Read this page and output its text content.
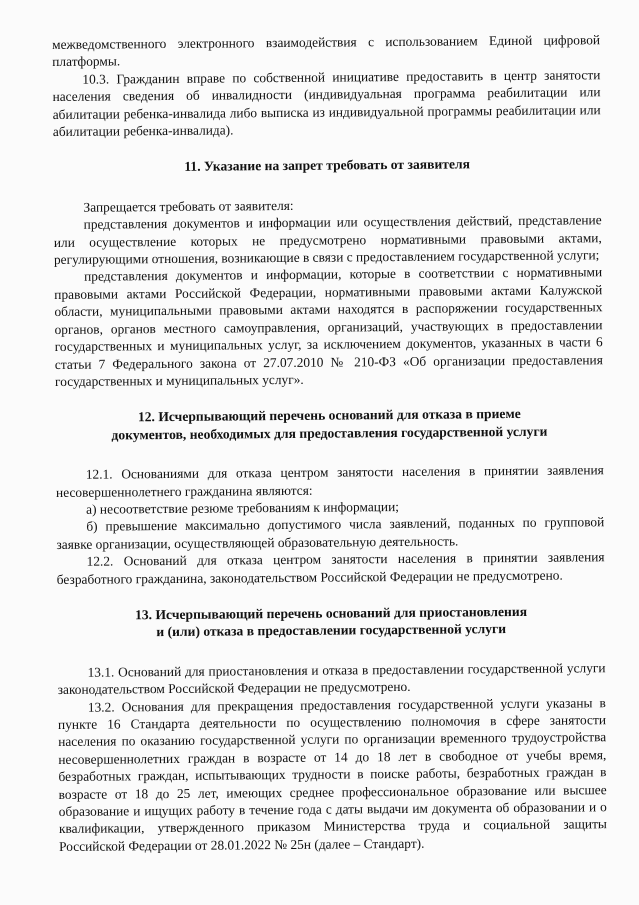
межведомственного электронного взаимодействия с использованием Единой цифровой платформы.

10.3. Гражданин вправе по собственной инициативе предоставить в центр занятости населения сведения об инвалидности (индивидуальная программа реабилитации или абилитации ребенка-инвалида либо выписка из индивидуальной программы реабилитации или абилитации ребенка-инвалида).

11. Указание на запрет требовать от заявителя

Запрещается требовать от заявителя:

представления документов и информации или осуществления действий, представление или осуществление которых не предусмотрено нормативными правовыми актами, регулирующими отношения, возникающие в связи с предоставлением государственной услуги;

представления документов и информации, которые в соответствии с нормативными правовыми актами Российской Федерации, нормативными правовыми актами Калужской области, муниципальными правовыми актами находятся в распоряжении государственных органов, органов местного самоуправления, организаций, участвующих в предоставлении государственных и муниципальных услуг, за исключением документов, указанных в части 6 статьи 7 Федерального закона от 27.07.2010 № 210-ФЗ «Об организации предоставления государственных и муниципальных услуг».

12. Исчерпывающий перечень оснований для отказа в приеме
документов, необходимых для предоставления государственной услуги

12.1. Основаниями для отказа центром занятости населения в принятии заявления несовершеннолетнего гражданина являются:

а) несоответствие резюме требованиям к информации;

б) превышение максимально допустимого числа заявлений, поданных по групповой заявке организации, осуществляющей образовательную деятельность.

12.2. Оснований для отказа центром занятости населения в принятии заявления безработного гражданина, законодательством Российской Федерации не предусмотрено.

13. Исчерпывающий перечень оснований для приостановления
и (или) отказа в предоставлении государственной услуги

13.1. Оснований для приостановления и отказа в предоставлении государственной услуги законодательством Российской Федерации не предусмотрено.

13.2. Основания для прекращения предоставления государственной услуги указаны в пункте 16 Стандарта деятельности по осуществлению полномочия в сфере занятости населения по оказанию государственной услуги по организации временного трудоустройства несовершеннолетних граждан в возрасте от 14 до 18 лет в свободное от учебы время, безработных граждан, испытывающих трудности в поиске работы, безработных граждан в возрасте от 18 до 25 лет, имеющих среднее профессиональное образование или высшее образование и ищущих работу в течение года с даты выдачи им документа об образовании и о квалификации, утвержденного приказом Министерства труда и социальной защиты Российской Федерации от 28.01.2022 № 25н (далее – Стандарт).
